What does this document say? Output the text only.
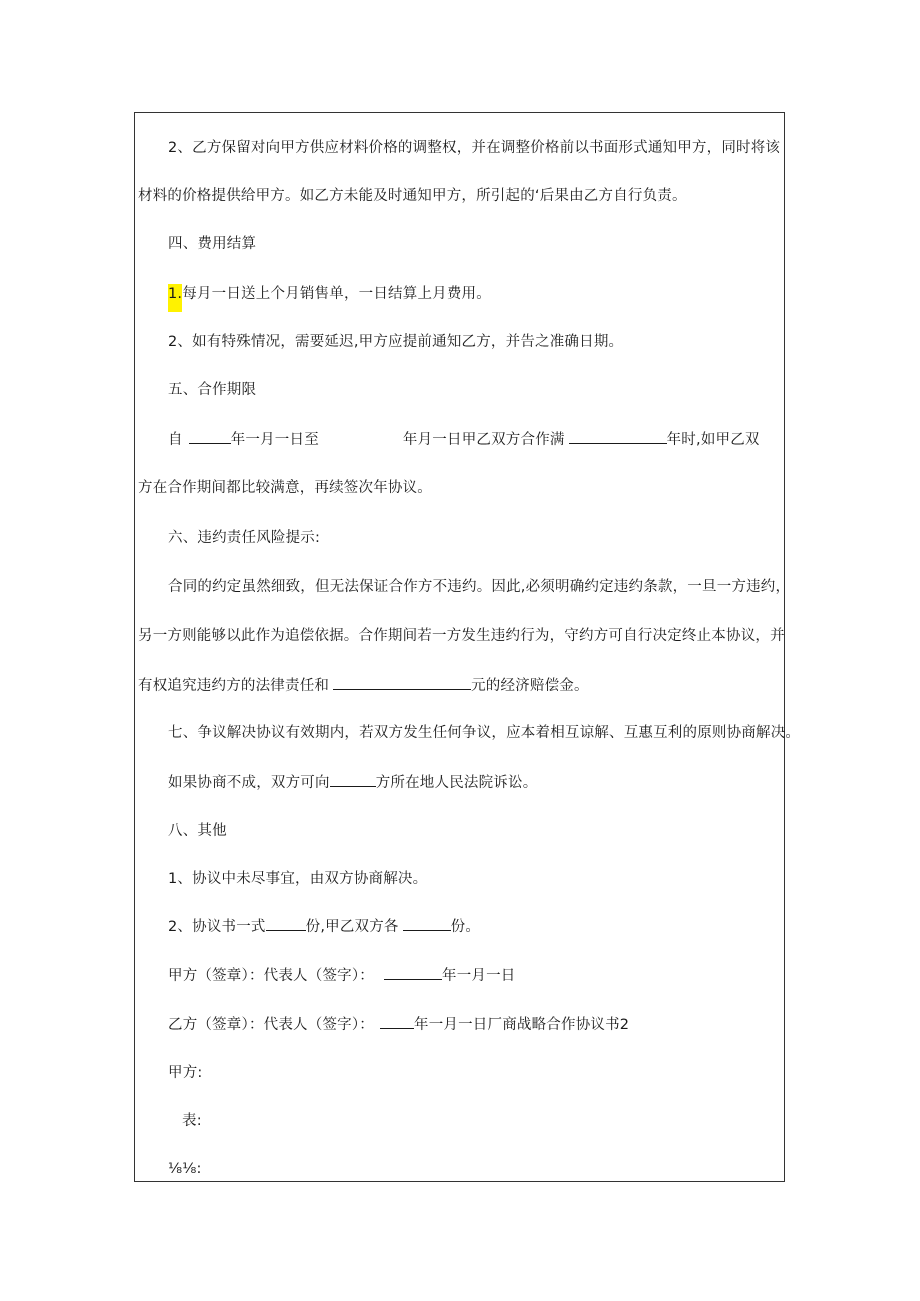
2、乙方保留对向甲方供应材料价格的调整权，并在调整价格前以书面形式通知甲方，同时将该
材料的价格提供给甲方。如乙方未能及时通知甲方，所引起的‘后果由乙方自行负责。
四、费用结算
1.每月一日送上个月销售单，一日结算上月费用。
2、如有特殊情况，需要延迟,甲方应提前通知乙方，并告之准确日期。
五、合作期限
自	年一月一日至	年月一日甲乙双方合作满	年时,如甲乙双
方在合作期间都比较满意，再续签次年协议。
六、违约责任风险提示:
合同的约定虽然细致，但无法保证合作方不违约。因此,必须明确约定违约条款，一旦一方违约，
另一方则能够以此作为追偿依据。合作期间若一方发生违约行为，守约方可自行决定终止本协议，并
有权追究违约方的法律责任和	元的经济赔偿金。
七、争议解决协议有效期内，若双方发生任何争议，应本着相互谅解、互惠互利的原则协商解决。
如果协商不成，双方可向	方所在地人民法院诉讼。
八、其他
1、协议中未尽事宜，由双方协商解决。
2、协议书一式	份,甲乙双方各	份。
甲方（签章）：代表人（签字）：	年一月一日
乙方（签章）：代表人（签字）：	年一月一日厂商战略合作协议书2
甲方:
表:
⅛⅛:
